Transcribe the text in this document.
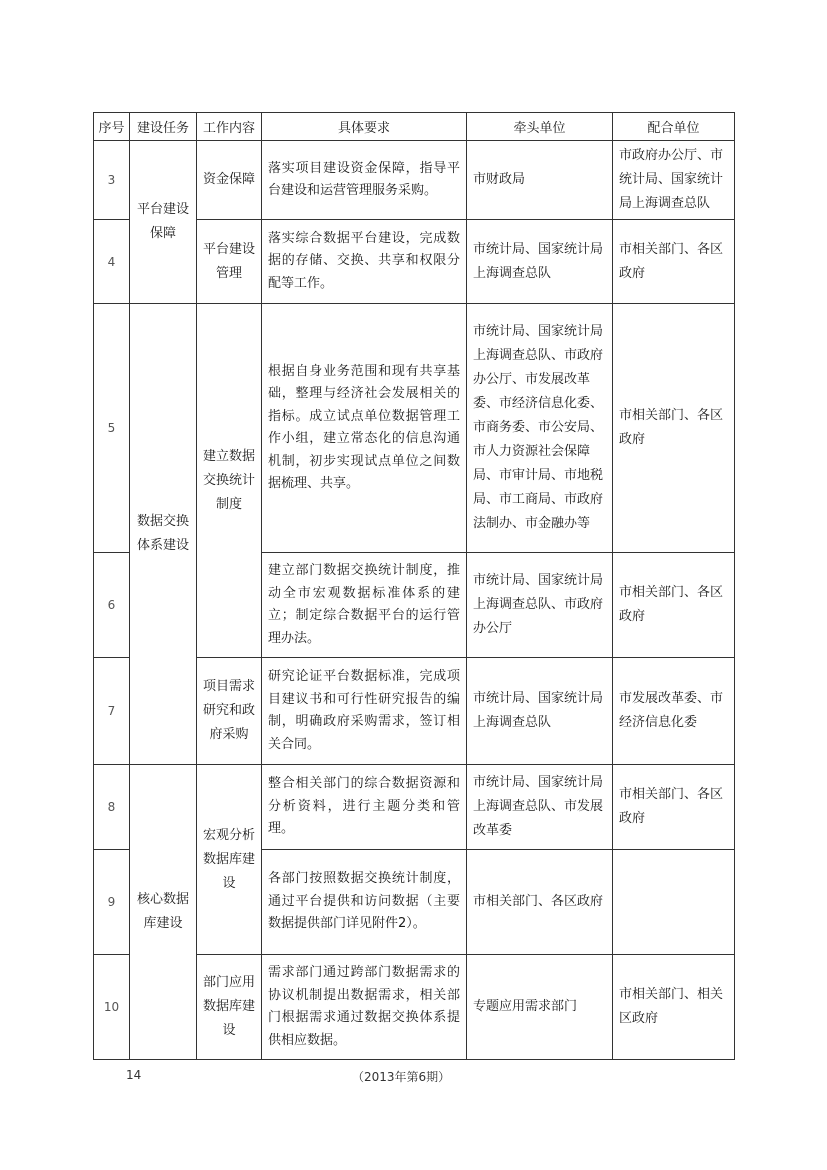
序号	建设任务	工作内容	具体要求	牵头单位	配合单位
3	平台建设保障	资金保障	落实项目建设资金保障，指导平台建设和运营管理服务采购。	市财政局	市政府办公厅、市统计局、国家统计局上海调查总队
4		平台建设管理	落实综合数据平台建设，完成数据的存储、交换、共享和权限分配等工作。	市统计局、国家统计局上海调查总队	市相关部门、各区政府
5	数据交换体系建设	建立数据交换统计制度	根据自身业务范围和现有共享基础，整理与经济社会发展相关的指标。成立试点单位数据管理工作小组，建立常态化的信息沟通机制，初步实现试点单位之间数据梳理、共享。	市统计局、国家统计局上海调查总队、市政府办公厅、市发展改革委、市经济信息化委、市商务委、市公安局、市人力资源社会保障局、市审计局、市地税局、市工商局、市政府法制办、市金融办等	市相关部门、各区政府
6			建立部门数据交换统计制度，推动全市宏观数据标准体系的建立；制定综合数据平台的运行管理办法。	市统计局、国家统计局上海调查总队、市政府办公厅	市相关部门、各区政府
7		项目需求研究和政府采购	研究论证平台数据标准，完成项目建议书和可行性研究报告的编制，明确政府采购需求，签订相关合同。	市统计局、国家统计局上海调查总队	市发展改革委、市经济信息化委
8	核心数据库建设	宏观分析数据库建设	整合相关部门的综合数据资源和分析资料，进行主题分类和管理。	市统计局、国家统计局上海调查总队、市发展改革委	市相关部门、各区政府
9			各部门按照数据交换统计制度，通过平台提供和访问数据（主要数据提供部门详见附件2）。	市相关部门、各区政府	
10		部门应用数据库建设	需求部门通过跨部门数据需求的协议机制提出数据需求，相关部门根据需求通过数据交换体系提供相应数据。	专题应用需求部门	市相关部门、相关区政府
14	（2013年第6期）
